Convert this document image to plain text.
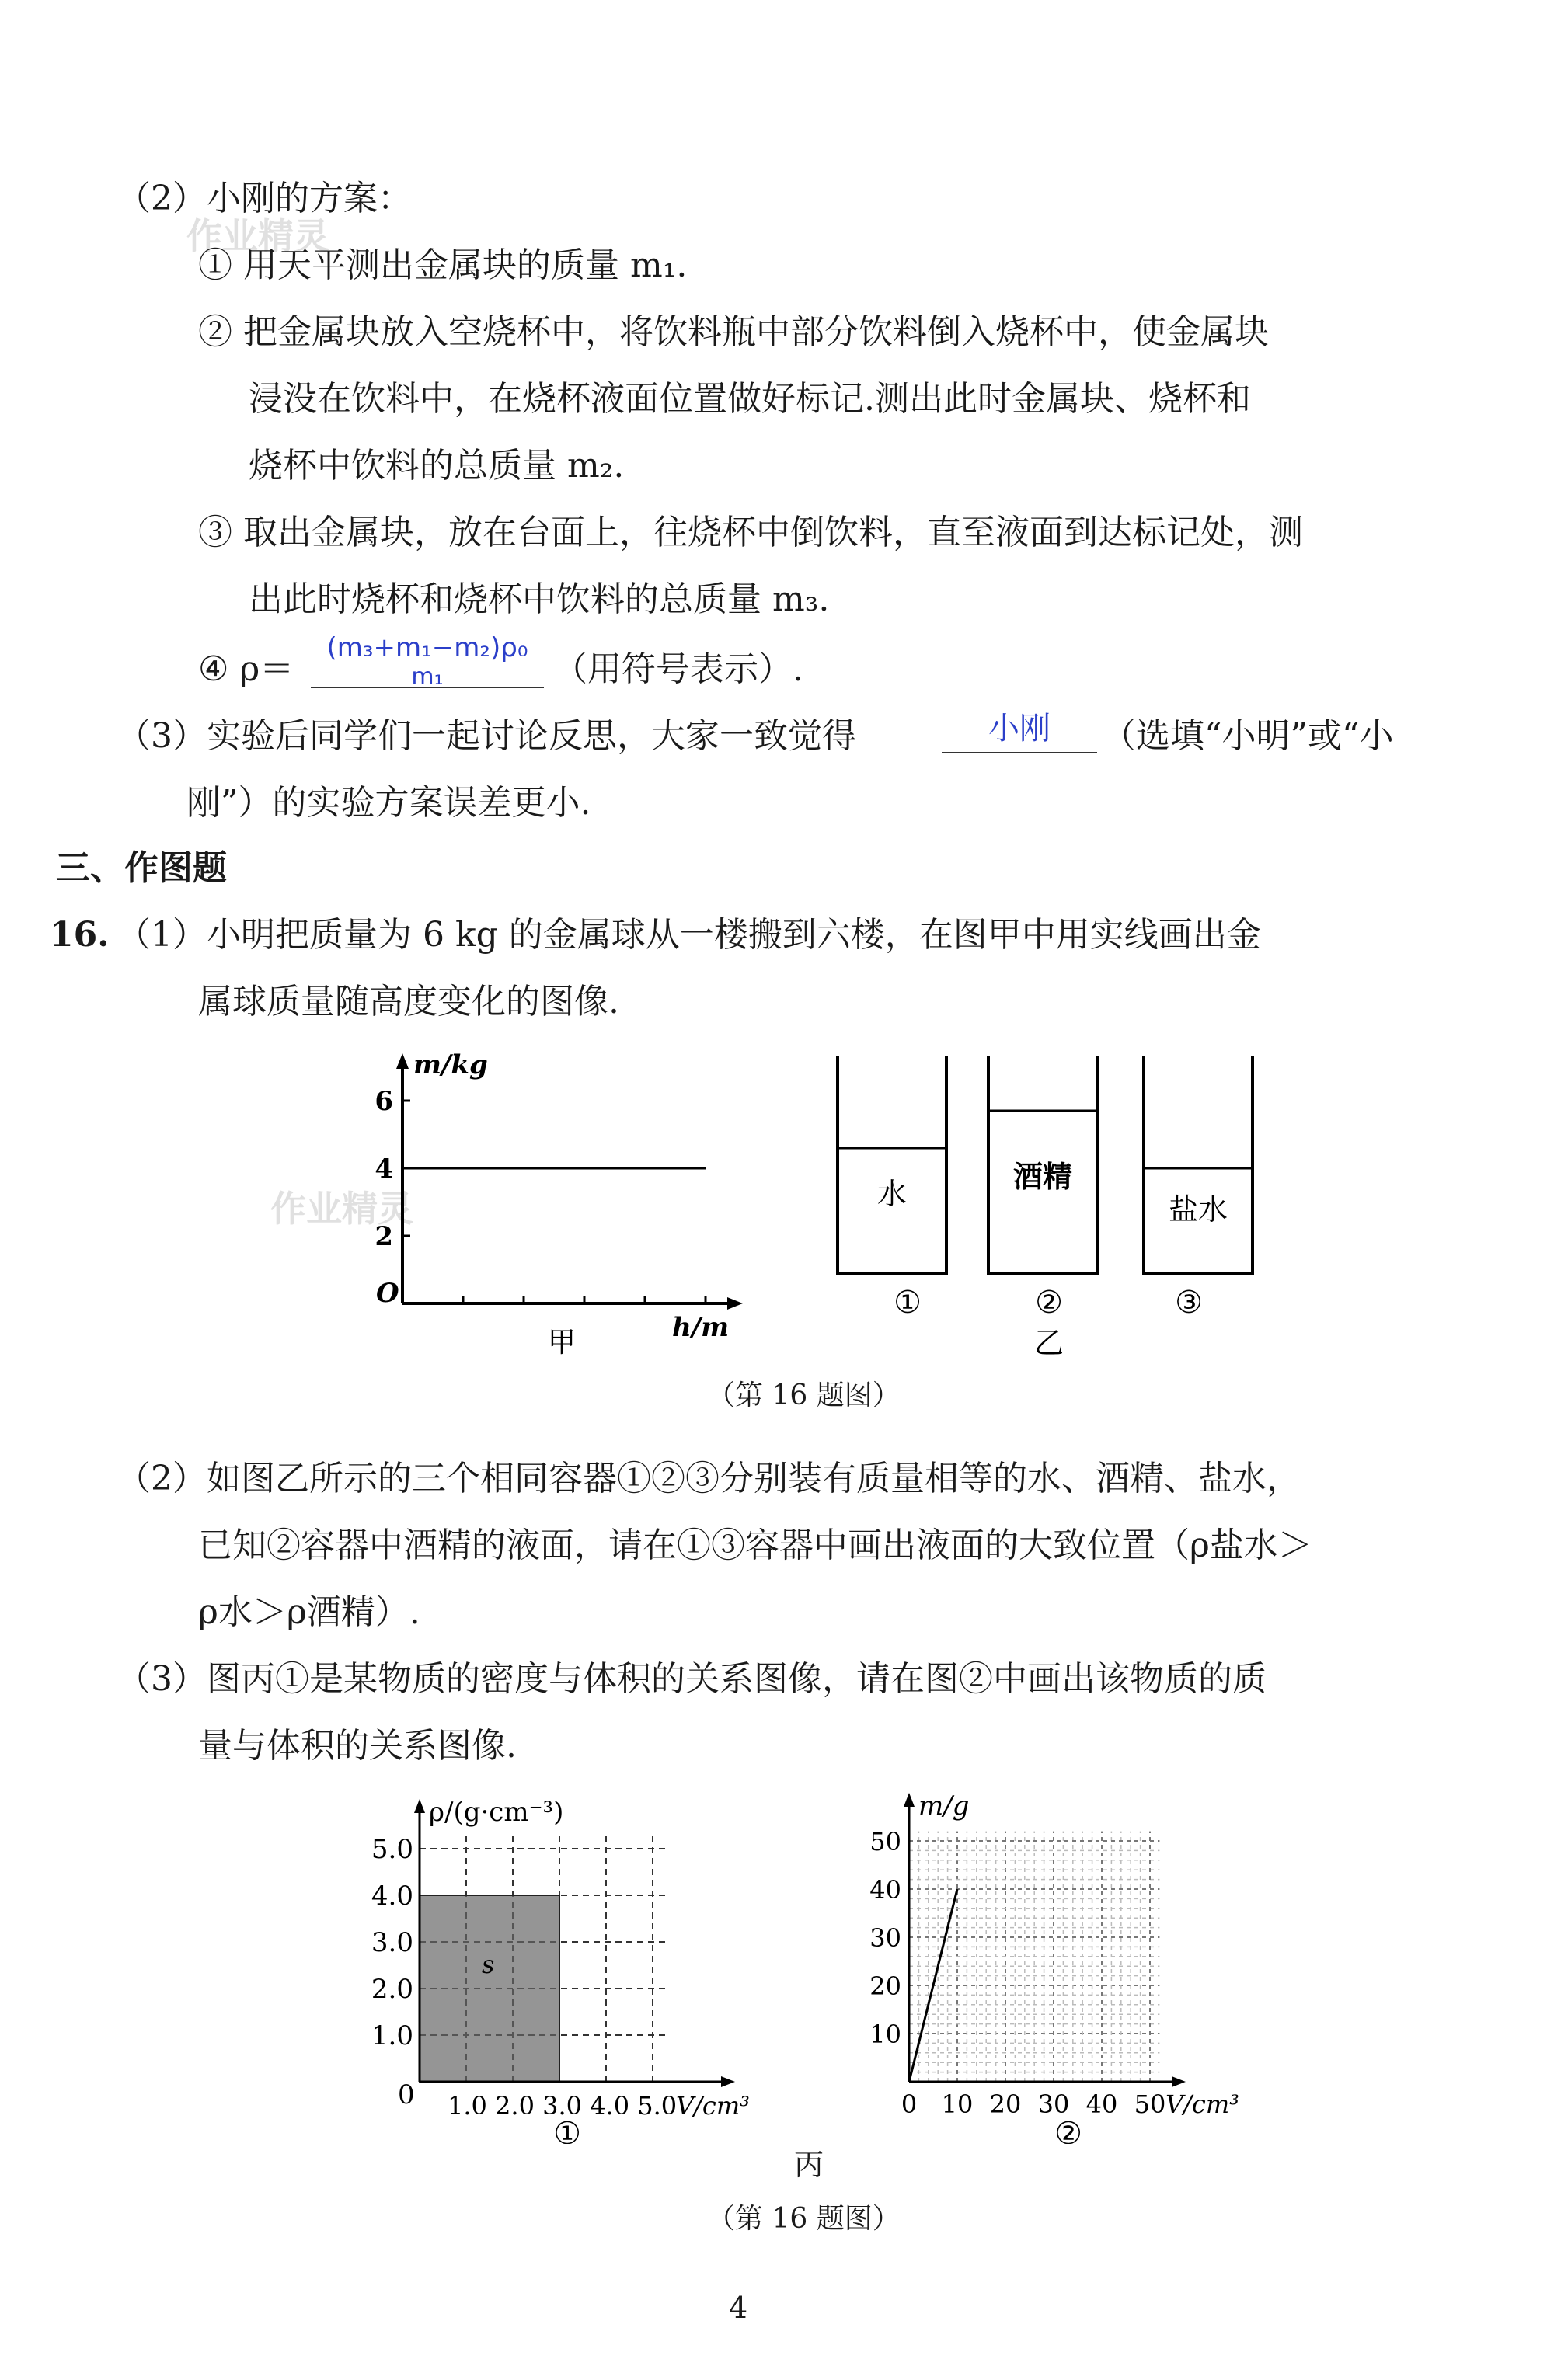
作业精灵
作业精灵
（2）小刚的方案：
① 用天平测出金属块的质量 m₁.
② 把金属块放入空烧杯中，将饮料瓶中部分饮料倒入烧杯中，使金属块
浸没在饮料中，在烧杯液面位置做好标记.测出此时金属块、烧杯和
烧杯中饮料的总质量 m₂.
③ 取出金属块，放在台面上，往烧杯中倒饮料，直至液面到达标记处，测
出此时烧杯和烧杯中饮料的总质量 m₃.
④ ρ＝
(m₃+m₁−m₂)ρ₀
m₁	（用符号表示）.
（3）实验后同学们一起讨论反思，大家一致觉得	小刚	（选填“小明”或“小
刚”）的实验方案误差更小.
三、作图题
16. （1）小明把质量为 6 kg 的金属球从一楼搬到六楼，在图甲中用实线画出金
属球质量随高度变化的图像.
6
4
2
m/kg
h/m
O
甲
水	酒精
盐水
①	②	③
乙
（第 16 题图）
（2）如图乙所示的三个相同容器①②③分别装有质量相等的水、酒精、盐水，
已知②容器中酒精的液面，请在①③容器中画出液面的大致位置（ρ盐水＞
ρ水＞ρ酒精）.
（3）图丙①是某物质的密度与体积的关系图像，请在图②中画出该物质的质
量与体积的关系图像.
ρ/(g·cm⁻³)
5.0
4.0
3.0
2.0
1.0
0 1.0 2.0 3.0 4.0 5.0
V/cm³
s
①
m/g
50
40
30
20
10
0 10 20 30 40 50 V/cm³
②
丙
（第 16 题图）
4
